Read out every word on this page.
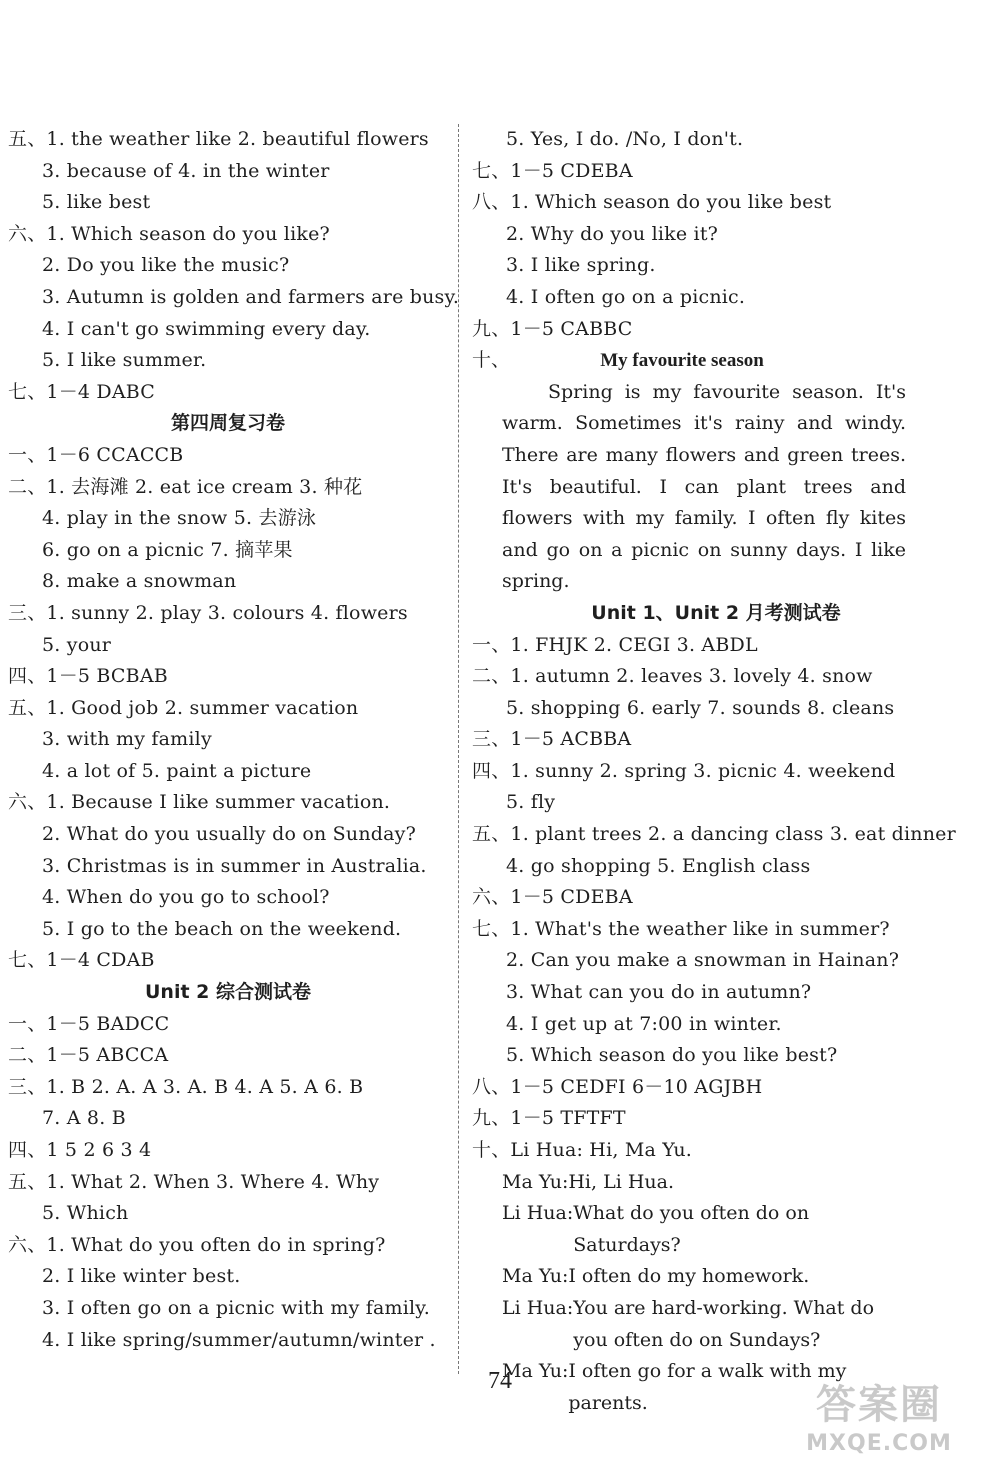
五、1. the weather like 2. beautiful flowers
3. because of 4. in the winter
5. like best
六、1. Which season do you like?
2. Do you like the music?
3. Autumn is golden and farmers are busy.
4. I can't go swimming every day.
5. I like summer.
七、1－4 DABC
第四周复习卷
一、1－6 CCACCB
二、1. 去海滩 2. eat ice cream 3. 种花
4. play in the snow 5. 去游泳
6. go on a picnic 7. 摘苹果
8. make a snowman
三、1. sunny 2. play 3. colours 4. flowers
5. your
四、1－5 BCBAB
五、1. Good job 2. summer vacation
3. with my family
4. a lot of 5. paint a picture
六、1. Because I like summer vacation.
2. What do you usually do on Sunday?
3. Christmas is in summer in Australia.
4. When do you go to school?
5. I go to the beach on the weekend.
七、1－4 CDAB
Unit 2 综合测试卷
一、1－5 BADCC
二、1－5 ABCCA
三、1. B 2. A. A 3. A. B 4. A 5. A 6. B
7. A 8. B
四、1 5 2 6 3 4
五、1. What 2. When 3. Where 4. Why
5. Which
六、1. What do you often do in spring?
2. I like winter best.
3. I often go on a picnic with my family.
4. I like spring/summer/autumn/winter .
5. Yes, I do. /No, I don't.
七、1－5 CDEBA
八、1. Which season do you like best
2. Why do you like it?
3. I like spring.
4. I often go on a picnic.
九、1－5 CABBC
十、	My favourite season

Spring is my favourite season. It's warm. Sometimes it's rainy and windy. There are many flowers and green trees. It's beautiful. I can plant trees and flowers with my family. I often fly kites and go on a picnic on sunny days. I like spring.

Unit 1、Unit 2 月考测试卷
一、1. FHJK 2. CEGI 3. ABDL
二、1. autumn 2. leaves 3. lovely 4. snow
5. shopping 6. early 7. sounds 8. cleans
三、1－5 ACBBA
四、1. sunny 2. spring 3. picnic 4. weekend
5. fly
五、1. plant trees 2. a dancing class 3. eat dinner
4. go shopping 5. English class
六、1－5 CDEBA
七、1. What's the weather like in summer?
2. Can you make a snowman in Hainan?
3. What can you do in autumn?
4. I get up at 7:00 in winter.
5. Which season do you like best?
八、1－5 CEDFI 6－10 AGJBH
九、1－5 TFTFT
十、Li Hua: Hi, Ma Yu.
Ma Yu: Hi, Li Hua.
Li Hua: What do you often do on Saturdays?
Ma Yu: I often do my homework.
Li Hua: You are hard-working. What do you often do on Sundays?
Ma Yu: I often go for a walk with my parents.
74
答案圈
MXQE.COM
